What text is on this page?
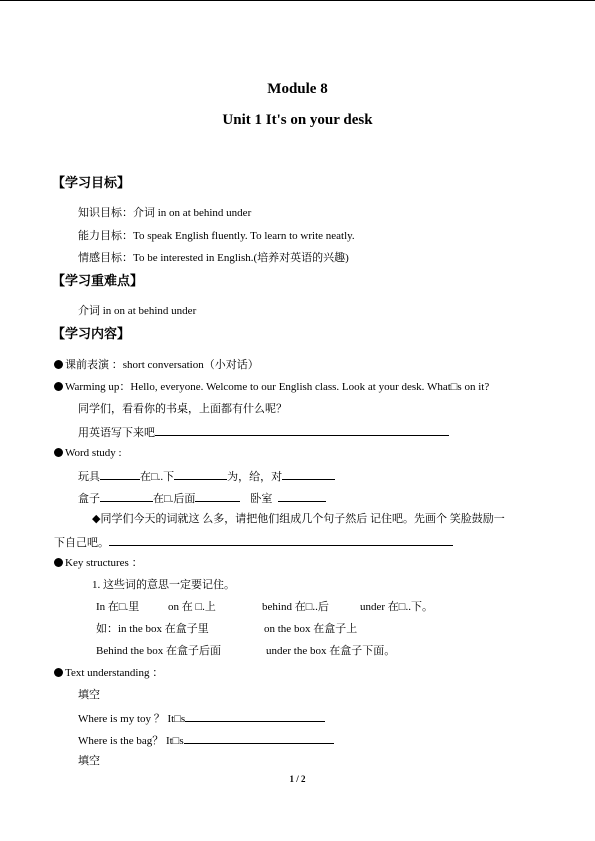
Module 8
Unit 1 It's on your desk
【学习目标】
知识目标：介词 in on at behind under
能力目标：To speak English fluently. To learn to write neatly.
情感目标：To be interested in English.(培养对英语的兴趣)
【学习重难点】
介词 in on at behind under
【学习内容】
课前表演 ：short conversation（小对话）
Warming up：Hello, everyone. Welcome to our English class. Look at your desk. What□s on it?
同学们，看看你的书桌，上面都有什么呢？
用英语写下来吧
Word study :
玩具	在□..下	为，给，对
盒子	在□.后面	卧室
◆同学们今天的词就这 么多，请把他们组成几个句子然后 记住吧。先画个 笑脸鼓励一
下自己吧。
Key structures ：
1. 这些词的意思一定要记住。
In 在□.里	on 在 □.上	behind 在□..后	under 在□..下。
如：in the box 在盒子里	on the box 在盒子上
Behind the box 在盒子后面	under the box 在盒子下面。
Text understanding ：
填空
Where is my toy ？ It□s
Where is the bag？ It□s
填空
1 / 2
